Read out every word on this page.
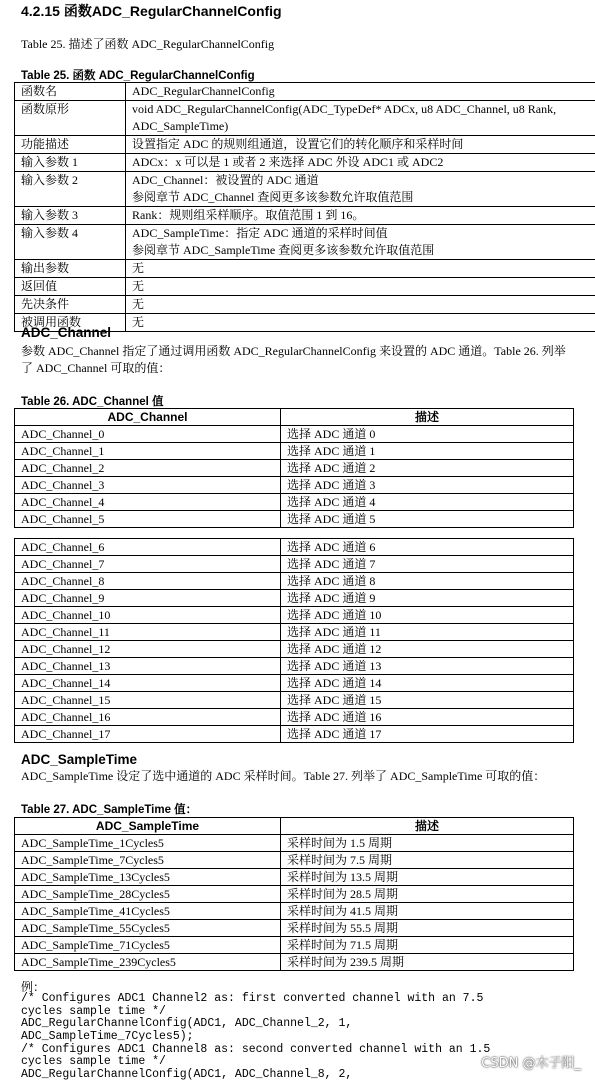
4.2.15 函数ADC_RegularChannelConfig
Table 25. 描述了函数 ADC_RegularChannelConfig
Table 25. 函数 ADC_RegularChannelConfig
函数名	ADC_RegularChannelConfig

函数原形	void ADC_RegularChannelConfig(ADC_TypeDef* ADCx, u8 ADC_Channel, u8 Rank,
ADC_SampleTime)

功能描述	设置指定 ADC 的规则组通道，设置它们的转化顺序和采样时间

输入参数 1	ADCx：x 可以是 1 或者 2 来选择 ADC 外设 ADC1 或 ADC2

输入参数 2	ADC_Channel：被设置的 ADC 通道
参阅章节 ADC_Channel 查阅更多该参数允许取值范围

输入参数 3	Rank：规则组采样顺序。取值范围 1 到 16。

输入参数 4	ADC_SampleTime：指定 ADC 通道的采样时间值
参阅章节 ADC_SampleTime 查阅更多该参数允许取值范围

输出参数	无

返回值	无

先决条件	无

被调用函数	无
ADC_Channel
参数 ADC_Channel 指定了通过调用函数 ADC_RegularChannelConfig 来设置的 ADC 通道。Table 26. 列举
了 ADC_Channel 可取的值：
Table 26. ADC_Channel 值
ADC_Channel	描述
ADC_Channel_0	选择 ADC 通道 0
ADC_Channel_1	选择 ADC 通道 1
ADC_Channel_2	选择 ADC 通道 2
ADC_Channel_3	选择 ADC 通道 3
ADC_Channel_4	选择 ADC 通道 4
ADC_Channel_5	选择 ADC 通道 5
ADC_Channel_6	选择 ADC 通道 6
ADC_Channel_7	选择 ADC 通道 7
ADC_Channel_8	选择 ADC 通道 8
ADC_Channel_9	选择 ADC 通道 9
ADC_Channel_10	选择 ADC 通道 10
ADC_Channel_11	选择 ADC 通道 11
ADC_Channel_12	选择 ADC 通道 12
ADC_Channel_13	选择 ADC 通道 13
ADC_Channel_14	选择 ADC 通道 14
ADC_Channel_15	选择 ADC 通道 15
ADC_Channel_16	选择 ADC 通道 16
ADC_Channel_17	选择 ADC 通道 17
ADC_SampleTime
ADC_SampleTime 设定了选中通道的 ADC 采样时间。Table 27. 列举了 ADC_SampleTime 可取的值：
Table 27. ADC_SampleTime 值：
ADC_SampleTime	描述
ADC_SampleTime_1Cycles5	采样时间为 1.5 周期
ADC_SampleTime_7Cycles5	采样时间为 7.5 周期
ADC_SampleTime_13Cycles5	采样时间为 13.5 周期
ADC_SampleTime_28Cycles5	采样时间为 28.5 周期
ADC_SampleTime_41Cycles5	采样时间为 41.5 周期
ADC_SampleTime_55Cycles5	采样时间为 55.5 周期
ADC_SampleTime_71Cycles5	采样时间为 71.5 周期
ADC_SampleTime_239Cycles5	采样时间为 239.5 周期
例：
/* Configures ADC1 Channel2 as: first converted channel with an 7.5
cycles sample time */
ADC_RegularChannelConfig(ADC1, ADC_Channel_2, 1,
ADC_SampleTime_7Cycles5);
/* Configures ADC1 Channel8 as: second converted channel with an 1.5
cycles sample time */
ADC_RegularChannelConfig(ADC1, ADC_Channel_8, 2,
CSDN @木子阳_
